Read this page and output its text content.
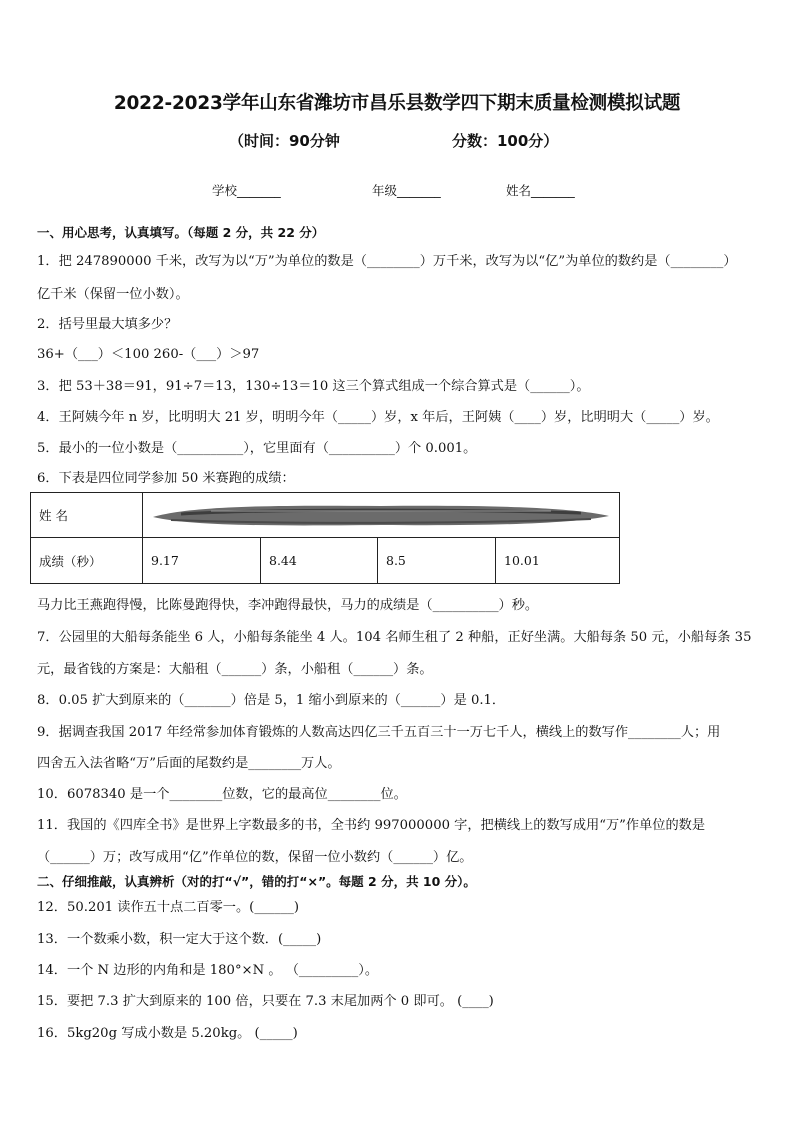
2022-2023学年山东省潍坊市昌乐县数学四下期末质量检测模拟试题
（时间：90分钟	分数：100分）
学校_______	年级_______	姓名_______
一、用心思考，认真填写。（每题 2 分，共 22 分）
1．把 247890000 千米，改写为以“万”为单位的数是（________）万千米，改写为以“亿”为单位的数约是（________）
亿千米（保留一位小数）。
2．括号里最大填多少？
36+（___）＜100 260-（___）＞97
3．把 53＋38＝91，91÷7＝13，130÷13＝10 这三个算式组成一个综合算式是（______）。
4．王阿姨今年 n 岁，比明明大 21 岁，明明今年（_____）岁，x 年后，王阿姨（____）岁，比明明大（_____）岁。
5．最小的一位小数是（__________），它里面有（__________）个 0.001。
6．下表是四位同学参加 50 米赛跑的成绩：
姓 名	

成绩（秒）	9.17	8.44	8.5	10.01
马力比王燕跑得慢，比陈曼跑得快，李冲跑得最快，马力的成绩是（__________）秒。
7．公园里的大船每条能坐 6 人，小船每条能坐 4 人。104 名师生租了 2 种船，正好坐满。大船每条 50 元，小船每条 35
元，最省钱的方案是：大船租（______）条，小船租（______）条。
8．0.05 扩大到原来的（_______）倍是 5，1 缩小到原来的（______）是 0.1．
9．据调查我国 2017 年经常参加体育锻炼的人数高达四亿三千五百三十一万七千人，横线上的数写作________人；用
四舍五入法省略“万”后面的尾数约是________万人。
10．6078340 是一个________位数，它的最高位________位。
11．我国的《四库全书》是世界上字数最多的书，全书约 997000000 字，把横线上的数写成用“万”作单位的数是
（______）万；改写成用“亿”作单位的数，保留一位小数约（______）亿。
二、仔细推敲，认真辨析（对的打“√”，错的打“×”。每题 2 分，共 10 分）。
12．50.201 读作五十点二百零一。(______)
13．一个数乘小数，积一定大于这个数．(_____)
14．一个 N 边形的内角和是 180°×N 。 （_________）。
15．要把 7.3 扩大到原来的 100 倍，只要在 7.3 末尾加两个 0 即可。 (____)
16．5kg20g 写成小数是 5.20kg。 (_____)
